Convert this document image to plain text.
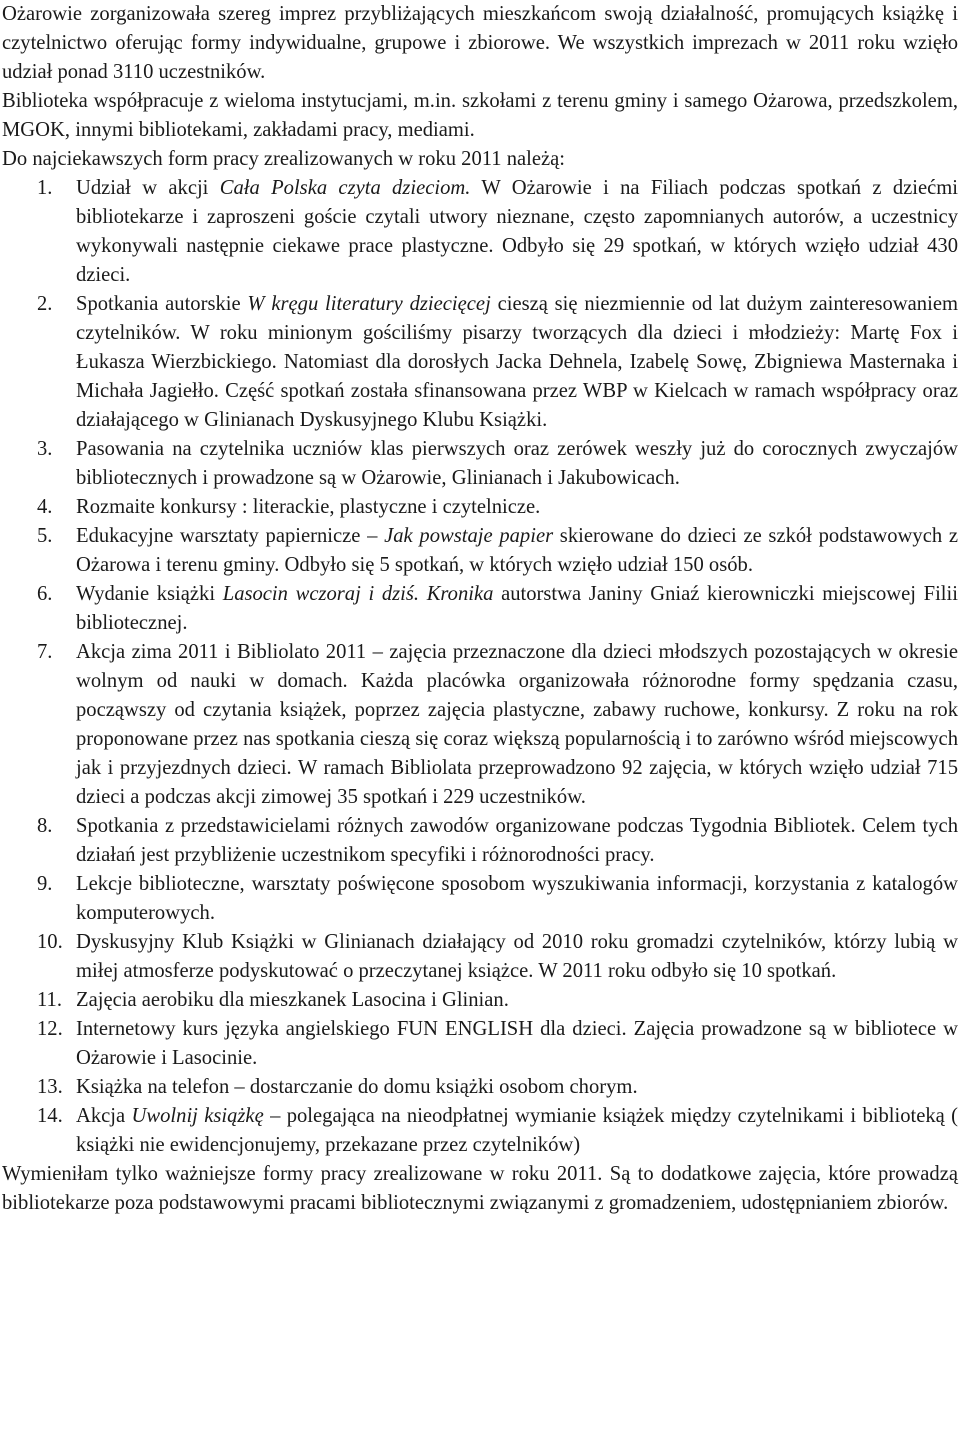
Ożarowie zorganizowała szereg imprez przybliżających mieszkańcom swoją działalność, promujących książkę i czytelnictwo oferując formy indywidualne, grupowe i zbiorowe. We wszystkich imprezach w 2011 roku wzięło udział ponad 3110 uczestników.

Biblioteka współpracuje z wieloma instytucjami, m.in. szkołami z terenu gminy i samego Ożarowa, przedszkolem, MGOK, innymi bibliotekami, zakładami pracy, mediami.

Do najciekawszych form pracy zrealizowanych w roku 2011 należą:

1.	Udział w akcji Cała Polska czyta dzieciom. W Ożarowie i na Filiach podczas spotkań z dziećmi bibliotekarze i zaproszeni goście czytali utwory nieznane, często zapomnianych autorów, a uczestnicy wykonywali następnie ciekawe prace plastyczne. Odbyło się 29 spotkań, w których wzięło udział 430 dzieci.
2.	Spotkania autorskie W kręgu literatury dziecięcej cieszą się niezmiennie od lat dużym zainteresowaniem czytelników. W roku minionym gościliśmy pisarzy tworzących dla dzieci i młodzieży: Martę Fox i Łukasza Wierzbickiego. Natomiast dla dorosłych Jacka Dehnela, Izabelę Sowę, Zbigniewa Masternaka i Michała Jagiełło. Część spotkań została sfinansowana przez WBP w Kielcach w ramach współpracy oraz działającego w Glinianach Dyskusyjnego Klubu Książki.
3.	Pasowania na czytelnika uczniów klas pierwszych oraz zerówek weszły już do corocznych zwyczajów bibliotecznych i prowadzone są w Ożarowie, Glinianach i Jakubowicach.
4.	Rozmaite konkursy : literackie, plastyczne i czytelnicze.
5.	Edukacyjne warsztaty papiernicze – Jak powstaje papier skierowane do dzieci ze szkół podstawowych z Ożarowa i terenu gminy. Odbyło się 5 spotkań, w których wzięło udział 150 osób.
6.	Wydanie książki Lasocin wczoraj i dziś. Kronika autorstwa Janiny Gniaź kierowniczki miejscowej Filii bibliotecznej.
7.	Akcja zima 2011 i Bibliolato 2011 – zajęcia przeznaczone dla dzieci młodszych pozostających w okresie wolnym od nauki w domach. Każda placówka organizowała różnorodne formy spędzania czasu, począwszy od czytania książek, poprzez zajęcia plastyczne, zabawy ruchowe, konkursy. Z roku na rok proponowane przez nas spotkania cieszą się coraz większą popularnością i to zarówno wśród miejscowych jak i przyjezdnych dzieci. W ramach Bibliolata przeprowadzono 92 zajęcia, w których wzięło udział 715 dzieci a podczas akcji zimowej 35 spotkań i 229 uczestników.
8.	Spotkania z przedstawicielami różnych zawodów organizowane podczas Tygodnia Bibliotek. Celem tych działań jest przybliżenie uczestnikom specyfiki i różnorodności pracy.
9.	Lekcje biblioteczne, warsztaty poświęcone sposobom wyszukiwania informacji, korzystania z katalogów komputerowych.
10. Dyskusyjny Klub Książki w Glinianach działający od 2010 roku gromadzi czytelników, którzy lubią w miłej atmosferze podyskutować o przeczytanej książce. W 2011 roku odbyło się 10 spotkań.
11. Zajęcia aerobiku dla mieszkanek Lasocina i Glinian.
12. Internetowy kurs języka angielskiego FUN ENGLISH dla dzieci. Zajęcia prowadzone są w bibliotece w Ożarowie i Lasocinie.
13. Książka na telefon – dostarczanie do domu książki osobom chorym.
14. Akcja Uwolnij książkę – polegająca na nieodpłatnej wymianie książek między czytelnikami i biblioteką ( książki nie ewidencjonujemy, przekazane przez czytelników)

Wymieniłam tylko ważniejsze formy pracy zrealizowane w roku 2011. Są to dodatkowe zajęcia, które prowadzą bibliotekarze poza podstawowymi pracami bibliotecznymi związanymi z gromadzeniem, udostępnianiem zbiorów.
